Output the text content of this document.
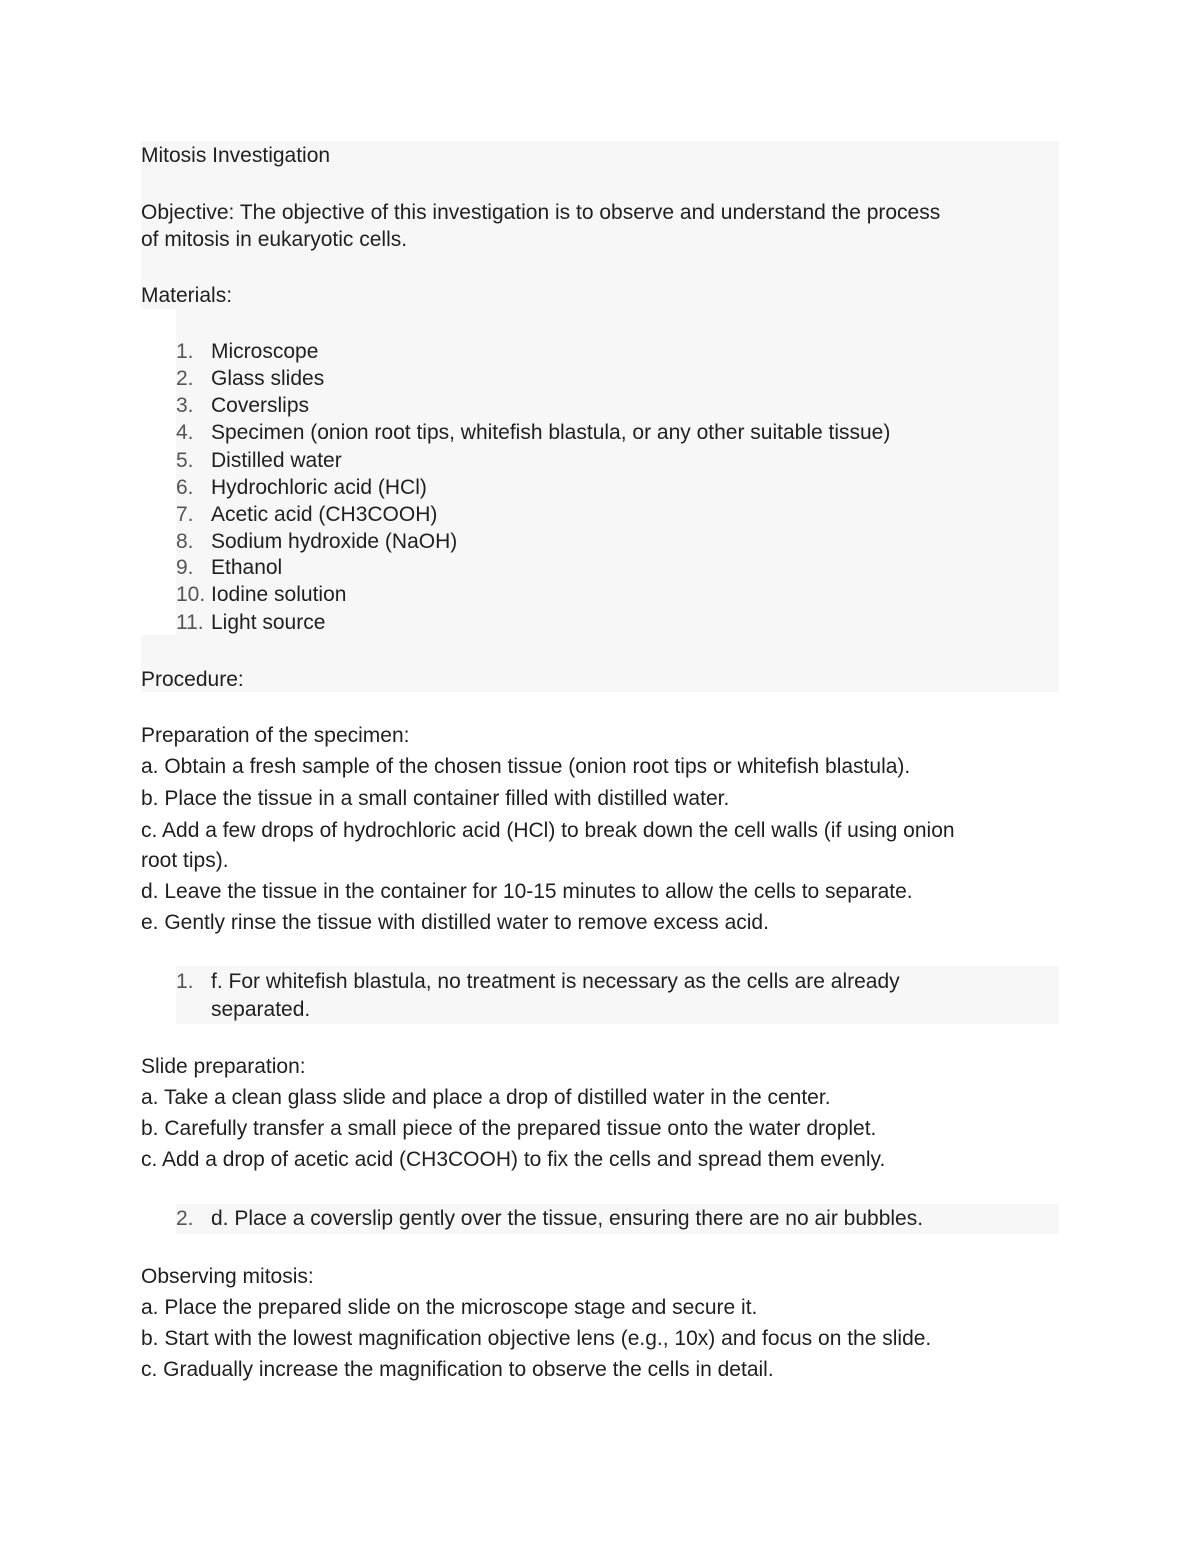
Mitosis Investigation
Objective: The objective of this investigation is to observe and understand the process
of mitosis in eukaryotic cells.
Materials:
1. Microscope
2. Glass slides
3. Coverslips
4. Specimen (onion root tips, whitefish blastula, or any other suitable tissue)
5. Distilled water
6. Hydrochloric acid (HCl)
7. Acetic acid (CH3COOH)
8. Sodium hydroxide (NaOH)
9. Ethanol
10. Iodine solution
11. Light source
Procedure:
Preparation of the specimen:
a. Obtain a fresh sample of the chosen tissue (onion root tips or whitefish blastula).
b. Place the tissue in a small container filled with distilled water.
c. Add a few drops of hydrochloric acid (HCl) to break down the cell walls (if using onion
root tips).
d. Leave the tissue in the container for 10-15 minutes to allow the cells to separate.
e. Gently rinse the tissue with distilled water to remove excess acid.
1. f. For whitefish blastula, no treatment is necessary as the cells are already
separated.
Slide preparation:
a. Take a clean glass slide and place a drop of distilled water in the center.
b. Carefully transfer a small piece of the prepared tissue onto the water droplet.
c. Add a drop of acetic acid (CH3COOH) to fix the cells and spread them evenly.
2. d. Place a coverslip gently over the tissue, ensuring there are no air bubbles.
Observing mitosis:
a. Place the prepared slide on the microscope stage and secure it.
b. Start with the lowest magnification objective lens (e.g., 10x) and focus on the slide.
c. Gradually increase the magnification to observe the cells in detail.
